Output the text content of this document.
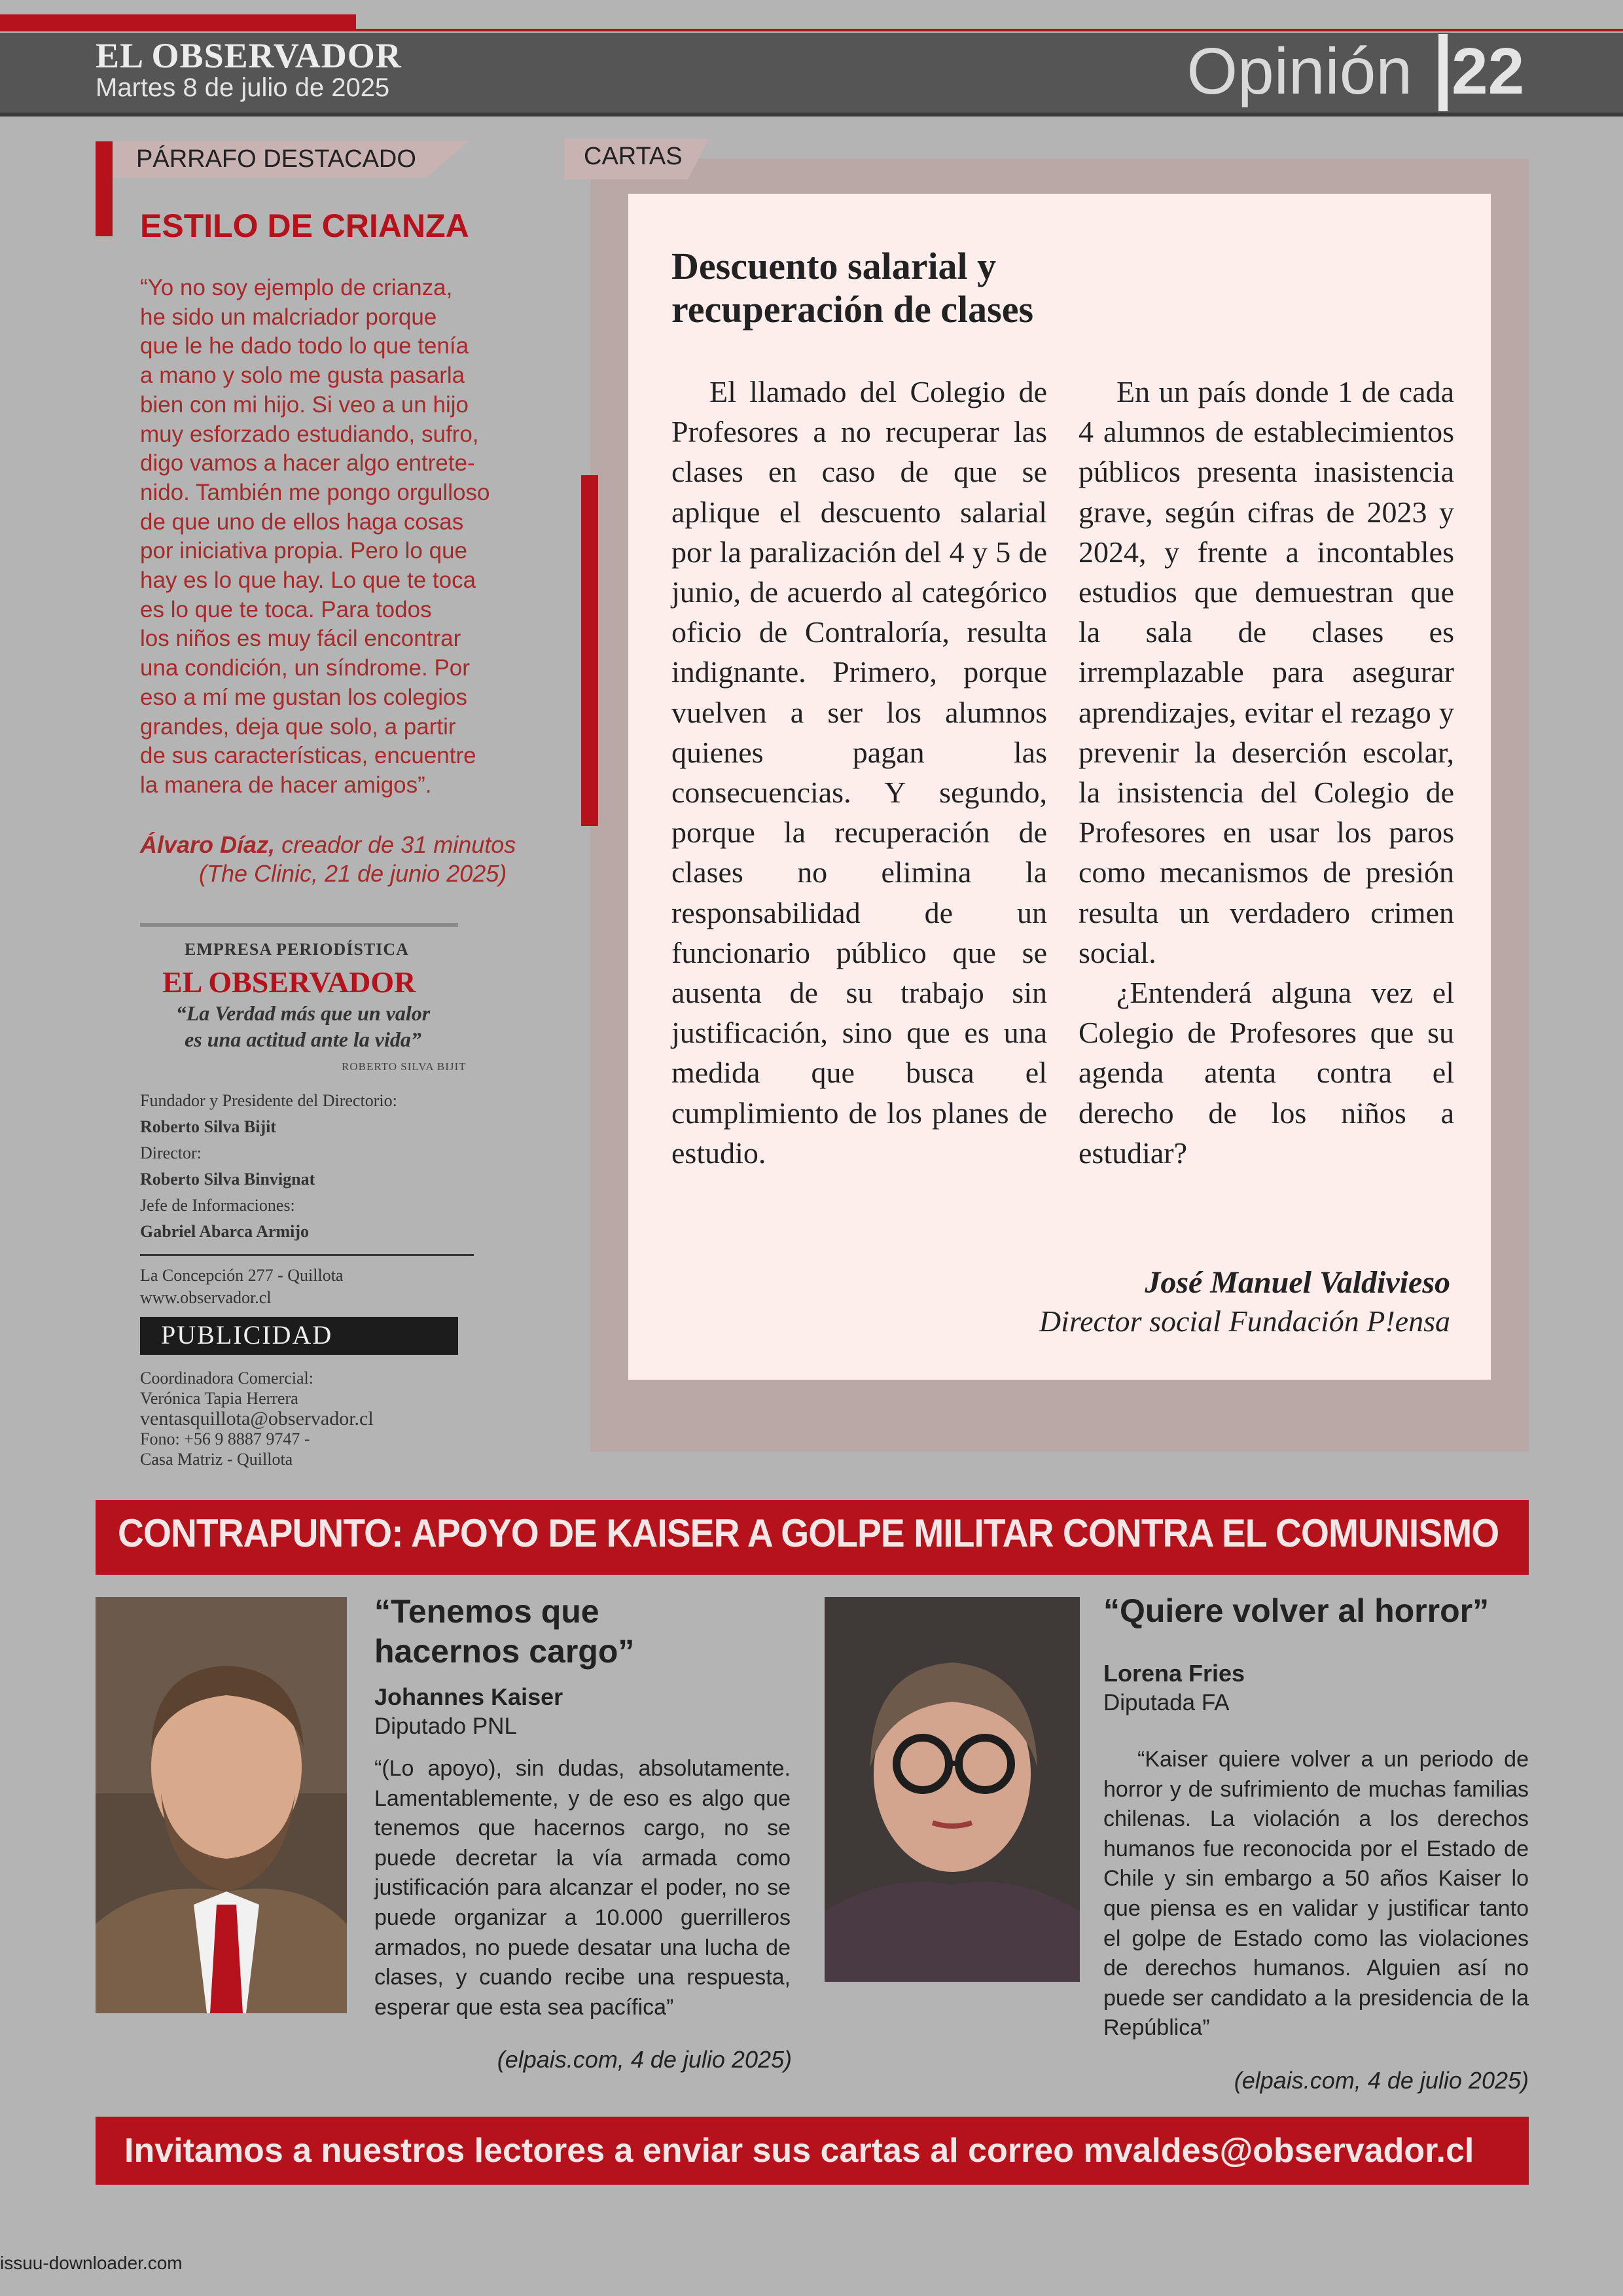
EL OBSERVADOR
Martes 8 de julio de 2025	Opinión 22
PÁRRAFO DESTACADO
ESTILO DE CRIANZA
“Yo no soy ejemplo de crianza,
he sido un malcriador porque
que le he dado todo lo que tenía
a mano y solo me gusta pasarla
bien con mi hijo. Si veo a un hijo
muy esforzado estudiando, sufro,
digo vamos a hacer algo entrete-
nido. También me pongo orgulloso
de que uno de ellos haga cosas
por iniciativa propia. Pero lo que
hay es lo que hay. Lo que te toca
es lo que te toca. Para todos
los niños es muy fácil encontrar
una condición, un síndrome. Por
eso a mí me gustan los colegios
grandes, deja que solo, a partir
de sus características, encuentre
la manera de hacer amigos”.
Álvaro Díaz, creador de 31 minutos
(The Clinic, 21 de junio 2025)
EMPRESA PERIODÍSTICA
EL OBSERVADOR
“La Verdad más que un valor
es una actitud ante la vida”
ROBERTO SILVA BIJIT
Fundador y Presidente del Directorio:
Roberto Silva Bijit
Director:
Roberto Silva Binvignat
Jefe de Informaciones:
Gabriel Abarca Armijo
La Concepción 277 - Quillota
www.observador.cl
PUBLICIDAD
Coordinadora Comercial:
Verónica Tapia Herrera
ventasquillota@observador.cl
Fono: +56 9 8887 9747 -
Casa Matriz - Quillota
CARTAS
Descuento salarial y
recuperación de clases

El llamado del Colegio de Profesores a no recuperar las clases en caso de que se aplique el descuento salarial por la paralización del 4 y 5 de junio, de acuerdo al categórico oficio de Contraloría, resulta indignante. Primero, porque vuelven a ser los alumnos quienes pagan las consecuencias. Y segundo, porque la recuperación de clases no elimina la responsabilidad de un funcionario público que se ausenta de su trabajo sin justificación, sino que es una medida que busca el cumplimiento de los planes de estudio.

En un país donde 1 de cada 4 alumnos de establecimientos públicos presenta inasistencia grave, según cifras de 2023 y 2024, y frente a incontables estudios que demuestran que la sala de clases es irremplazable para asegurar aprendizajes, evitar el rezago y prevenir la deserción escolar, la insistencia del Colegio de Profesores en usar los paros como mecanismos de presión resulta un verdadero crimen social.

¿Entenderá alguna vez el Colegio de Profesores que su agenda atenta contra el derecho de los niños a estudiar?

José Manuel Valdivieso
Director social Fundación P!ensa
CONTRAPUNTO: APOYO DE KAISER A GOLPE MILITAR CONTRA EL COMUNISMO
“Tenemos que
hacernos cargo”
Johannes Kaiser
Diputado PNL
“(Lo apoyo), sin dudas, absolutamente. Lamentablemente, y de eso es algo que tenemos que hacernos cargo, no se puede decretar la vía armada como justificación para alcanzar el poder, no se puede organizar a 10.000 guerrilleros armados, no puede desatar una lucha de clases, y cuando recibe una respuesta, esperar que esta sea pacífica”
(elpais.com, 4 de julio 2025)
“Quiere volver al horror”
Lorena Fries
Diputada FA

“Kaiser quiere volver a un periodo de horror y de sufrimiento de muchas familias chilenas. La violación a los derechos humanos fue reconocida por el Estado de Chile y sin embargo a 50 años Kaiser lo que piensa es en validar y justificar tanto el golpe de Estado como las violaciones de derechos humanos. Alguien así no puede ser candidato a la presidencia de la República”

(elpais.com, 4 de julio 2025)
Invitamos a nuestros lectores a enviar sus cartas al correo mvaldes@observador.cl
issuu-downloader.com
